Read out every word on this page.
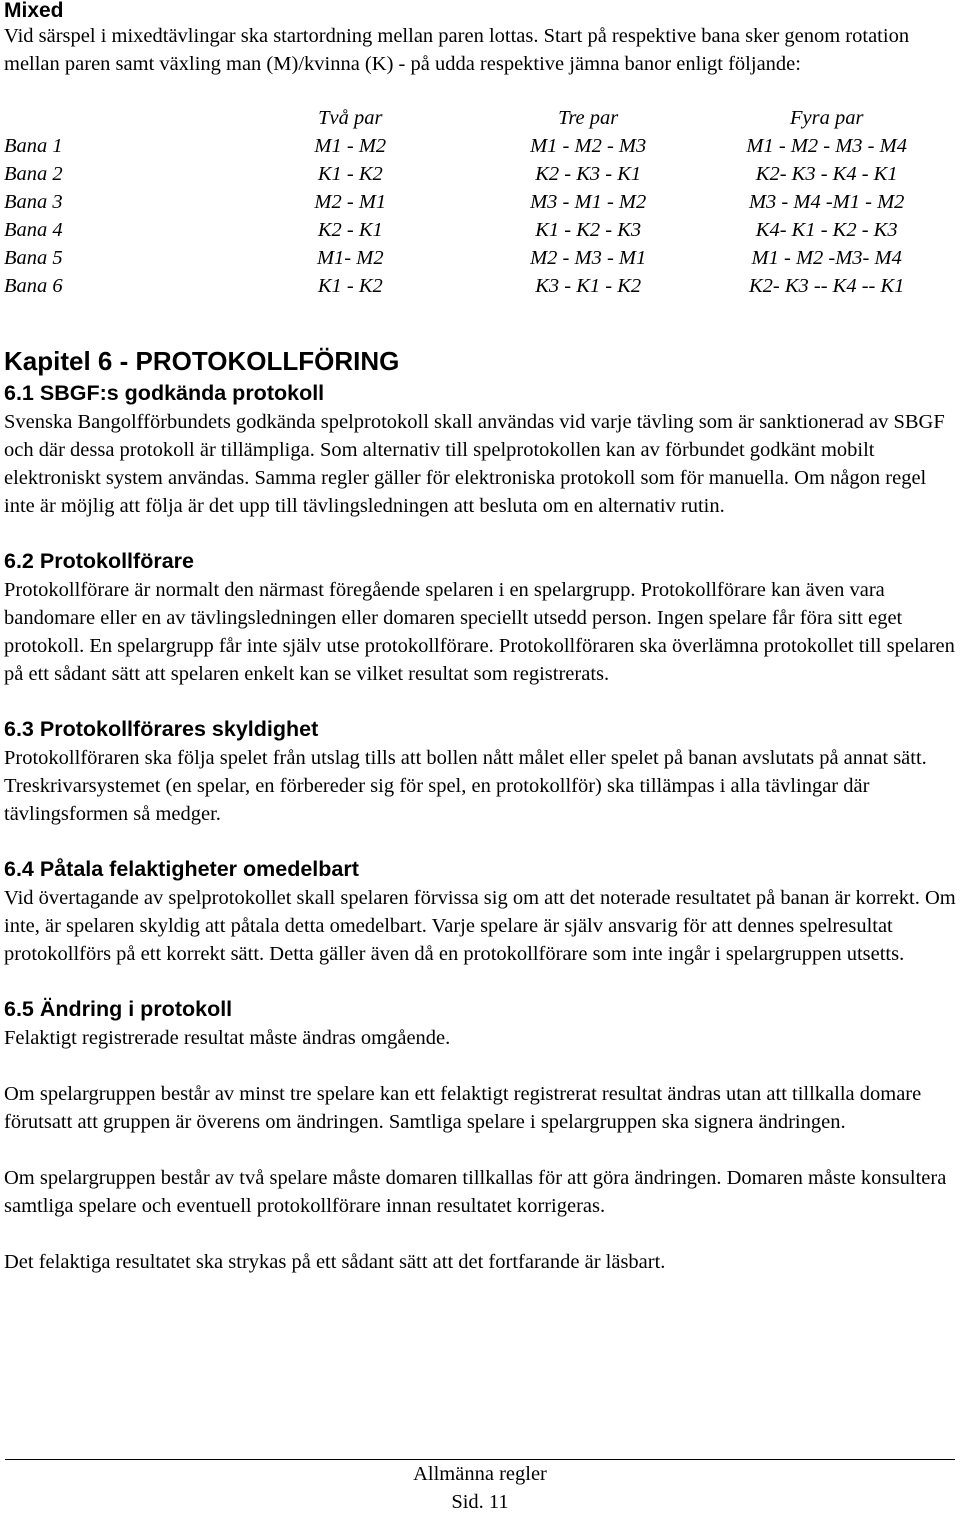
Mixed

Vid särspel i mixedtävlingar ska startordning mellan paren lottas. Start på respektive bana sker genom rotation mellan paren samt växling man (M)/kvinna (K) - på udda respektive jämna banor enligt följande:

	Två par	Tre par	Fyra par
Bana 1	M1 - M2	M1 - M2 - M3	M1 - M2 - M3 - M4
Bana 2	K1 - K2	K2 - K3 - K1	K2- K3 - K4 - K1
Bana 3	M2 - M1	M3 - M1 - M2	M3 - M4 -M1 - M2
Bana 4	K2 - K1	K1 - K2 - K3	K4- K1 - K2 - K3
Bana 5	M1- M2	M2 - M3 - M1	M1 - M2 -M3- M4
Bana 6	K1 - K2	K3 - K1 - K2	K2- K3 -- K4 -- K1
Kapitel 6 - PROTOKOLLFÖRING
6.1 SBGF:s godkända protokoll

Svenska Bangolfförbundets godkända spelprotokoll skall användas vid varje tävling som är sanktionerad av SBGF och där dessa protokoll är tillämpliga. Som alternativ till spelprotokollen kan av förbundet godkänt mobilt elektroniskt system användas. Samma regler gäller för elektroniska protokoll som för manuella. Om någon regel inte är möjlig att följa är det upp till tävlingsledningen att besluta om en alternativ rutin.

6.2 Protokollförare

Protokollförare är normalt den närmast föregående spelaren i en spelargrupp. Protokollförare kan även vara bandomare eller en av tävlingsledningen eller domaren speciellt utsedd person. Ingen spelare får föra sitt eget protokoll. En spelargrupp får inte själv utse protokollförare. Protokollföraren ska överlämna protokollet till spelaren på ett sådant sätt att spelaren enkelt kan se vilket resultat som registrerats.

6.3 Protokollförares skyldighet

Protokollföraren ska följa spelet från utslag tills att bollen nått målet eller spelet på banan avslutats på annat sätt. Treskrivarsystemet (en spelar, en förbereder sig för spel, en protokollför) ska tillämpas i alla tävlingar där tävlingsformen så medger.

6.4 Påtala felaktigheter omedelbart

Vid övertagande av spelprotokollet skall spelaren förvissa sig om att det noterade resultatet på banan är korrekt. Om inte, är spelaren skyldig att påtala detta omedelbart. Varje spelare är själv ansvarig för att dennes spelresultat protokollförs på ett korrekt sätt. Detta gäller även då en protokollförare som inte ingår i spelargruppen utsetts.

6.5 Ändring i protokoll

Felaktigt registrerade resultat måste ändras omgående.

Om spelargruppen består av minst tre spelare kan ett felaktigt registrerat resultat ändras utan att tillkalla domare förutsatt att gruppen är överens om ändringen. Samtliga spelare i spelargruppen ska signera ändringen.

Om spelargruppen består av två spelare måste domaren tillkallas för att göra ändringen. Domaren måste konsultera samtliga spelare och eventuell protokollförare innan resultatet korrigeras.

Det felaktiga resultatet ska strykas på ett sådant sätt att det fortfarande är läsbart.

Allmänna regler
Sid. 11
